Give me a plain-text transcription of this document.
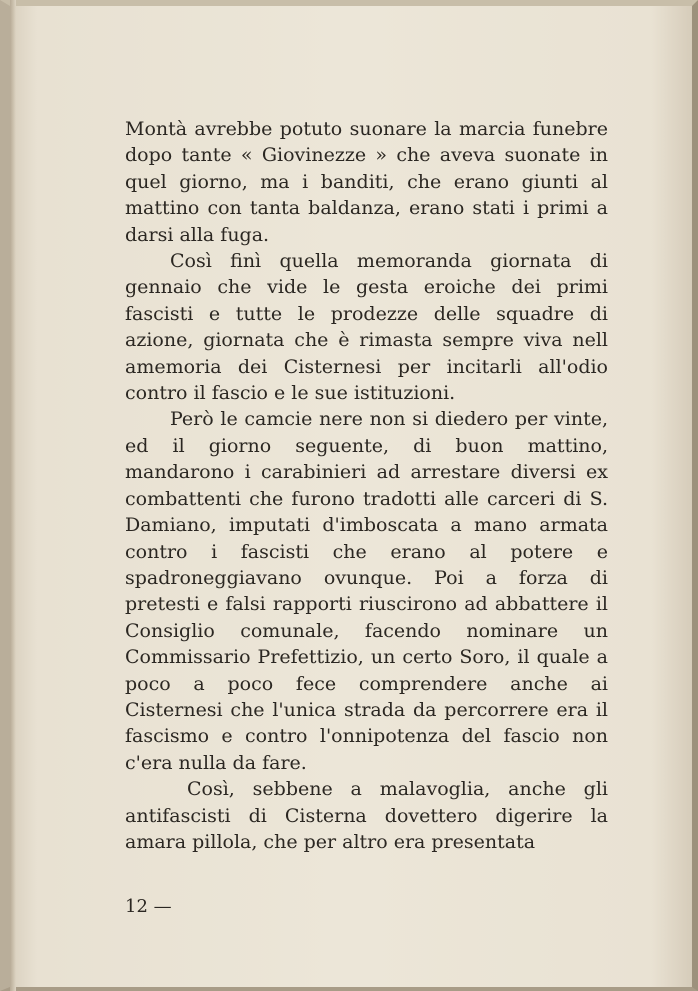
Montà avrebbe potuto suonare la marcia funebre dopo tante « Giovinezze » che aveva suonate in quel giorno, ma i banditi, che erano giunti al mattino con tanta baldanza, erano stati i primi a darsi alla fuga.

Così finì quella memoranda giornata di gennaio che vide le gesta eroiche dei primi fascisti e tutte le prodezze delle squadre di azione, giornata che è rimasta sempre viva nell amemoria dei Cisternesi per incitarli all'odio contro il fascio e le sue istituzioni.

Però le camcie nere non si diedero per vinte, ed il giorno seguente, di buon mattino, mandarono i carabinieri ad arrestare diversi ex combattenti che furono tradotti alle carceri di S. Damiano, imputati d'imboscata a mano armata contro i fascisti che erano al potere e spadroneggiavano ovunque. Poi a forza di pretesti e falsi rapporti riuscirono ad abbattere il Consiglio comunale, facendo nominare un Commissario Prefettizio, un certo Soro, il quale a poco a poco fece comprendere anche ai Cisternesi che l'unica strada da percorrere era il fascismo e contro l'onnipotenza del fascio non c'era nulla da fare.

Così, sebbene a malavoglia, anche gli antifascisti di Cisterna dovettero digerire la amara pillola, che per altro era presentata

12 —
